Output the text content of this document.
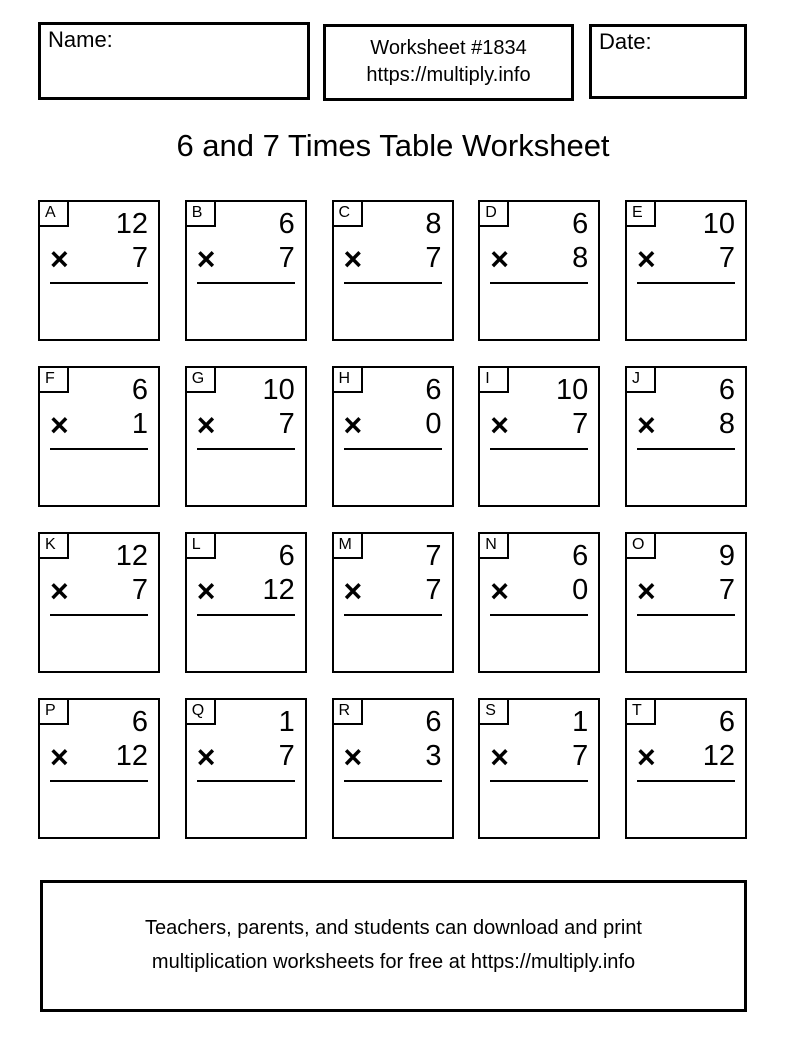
Name:	Worksheet #1834
https://multiply.info
Date:
6 and 7 Times Table Worksheet
A	12
× 7
B	6
× 7
C	8
× 7
D	6
× 8
E	10
× 7
F	6
× 1
G	10
× 7
H	6
× 0
I	10
× 7
J	6
× 8
K	12
× 7
L	6
× 12
M	7
× 7
N	6
× 0
O	9
× 7
P	6
× 12
Q	1
× 7
R	6
× 3
S	1
× 7
T	6
× 12
Teachers, parents, and students can download and print
multiplication worksheets for free at https://multiply.info
